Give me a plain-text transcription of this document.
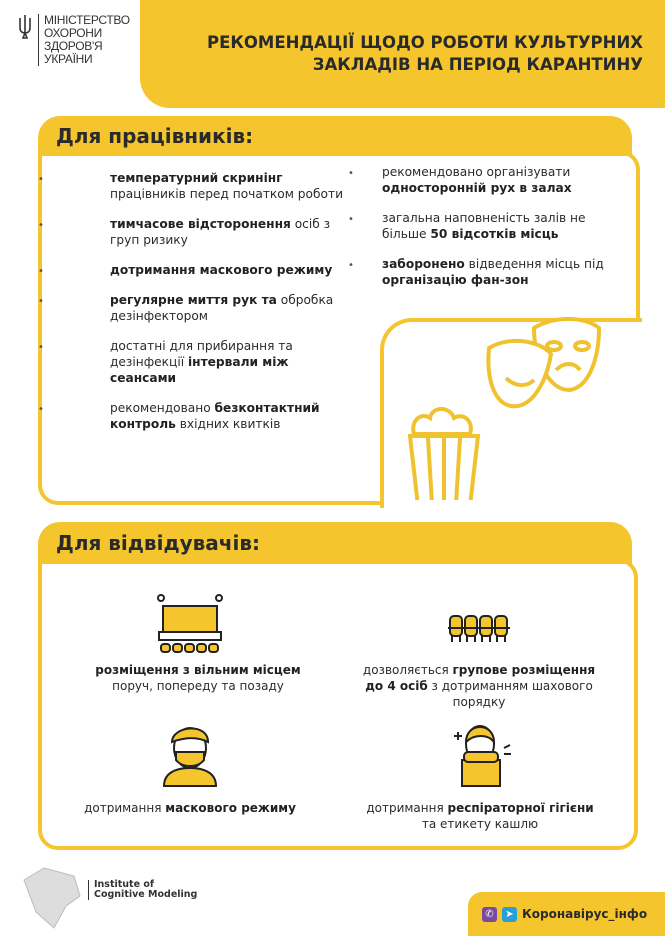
МІНІСТЕРСТВО
ОХОРОНИ
ЗДОРОВ'Я
УКРАЇНИ
РЕКОМЕНДАЦІЇ ЩОДО РОБОТИ КУЛЬТУРНИХ
ЗАКЛАДІВ НА ПЕРІОД КАРАНТИНУ
Для працівників:
•	температурний скринінг працівників перед початком роботи
•	тимчасове відсторонення осіб з груп ризику
•	дотримання маскового режиму
•	регулярне миття рук та обробка дезінфектором
•	достатні для прибирання та дезінфекції інтервали між сеансами
•	рекомендовано безконтактний контроль вхідних квитків
• рекомендовано організувати односторонній рух в залах
• загальна наповненість залів не більше 50 відсотків місць
• заборонено відведення місць під організацію фан-зон
Для відвідувачів:
розміщення з вільним місцем
поруч, попереду та позаду
дозволяється групове розміщення до 4 осіб з дотриманням шахового порядку
дотримання маскового режиму	дотримання респіраторної гігієни та етикету кашлю
Institute of
Cognitive Modeling
✆	➤ Коронавірус_інфо
